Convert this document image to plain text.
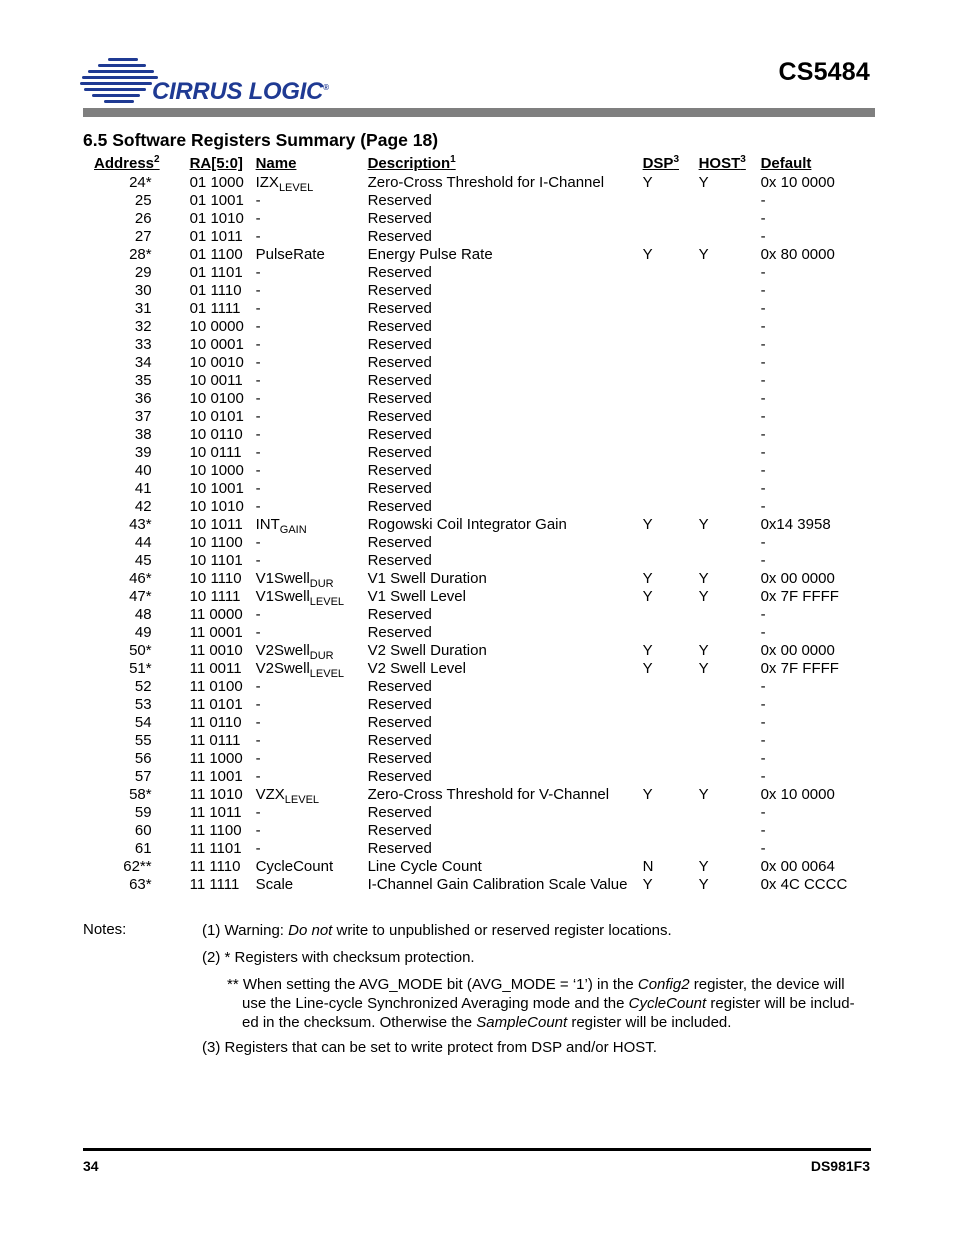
CIRRUS LOGIC®
CS5484
6.5 Software Registers Summary (Page 18)
Address$^2$	RA[5:0]	Name	Description$^1$	DSP$^3$	HOST$^3$	Default
24*	01 1000	$IZX_{LEVEL}$	Zero-Cross Threshold for I-Channel	Y	Y	0x 10 0000
25	01 1001	-	Reserved			-
26	01 1010	-	Reserved			-
27	01 1011	-	Reserved			-
28*	01 1100	PulseRate	Energy Pulse Rate	Y	Y	0x 80 0000
29	01 1101	-	Reserved			-
30	01 1110	-	Reserved			-
31	01 1111	-	Reserved			-
32	10 0000	-	Reserved			-
33	10 0001	-	Reserved			-
34	10 0010	-	Reserved			-
35	10 0011	-	Reserved			-
36	10 0100	-	Reserved			-
37	10 0101	-	Reserved			-
38	10 0110	-	Reserved			-
39	10 0111	-	Reserved			-
40	10 1000	-	Reserved			-
41	10 1001	-	Reserved			-
42	10 1010	-	Reserved			-
43*	10 1011	$INT_{GAIN}$	Rogowski Coil Integrator Gain	Y	Y	0x14 3958
44	10 1100	-	Reserved			-
45	10 1101	-	Reserved			-
46*	10 1110	V1Swell$_{DUR}$	V1 Swell Duration	Y	Y	0x 00 0000
47*	10 1111	V1Swell$_{LEVEL}$	V1 Swell Level	Y	Y	0x 7F FFFF
48	11 0000	-	Reserved			-
49	11 0001	-	Reserved			-
50*	11 0010	V2Swell$_{DUR}$	V2 Swell Duration	Y	Y	0x 00 0000
51*	11 0011	V2Swell$_{LEVEL}$	V2 Swell Level	Y	Y	0x 7F FFFF
52	11 0100	-	Reserved			-
53	11 0101	-	Reserved			-
54	11 0110	-	Reserved			-
55	11 0111	-	Reserved			-
56	11 1000	-	Reserved			-
57	11 1001	-	Reserved			-
58*	11 1010	$VZX_{LEVEL}$	Zero-Cross Threshold for V-Channel	Y	Y	0x 10 0000
59	11 1011	-	Reserved			-
60	11 1100	-	Reserved			-
61	11 1101	-	Reserved			-
62**	11 1110	CycleCount	Line Cycle Count	N	Y	0x 00 0064
63*	11 1111	Scale	I-Channel Gain Calibration Scale Value	Y	Y	0x 4C CCCC
Notes:	(1) Warning: Do not write to unpublished or reserved register locations.
(2) * Registers with checksum protection.
** When setting the AVG_MODE bit (AVG_MODE = ‘1’) in the Config2 register, the device will
use the Line-cycle Synchronized Averaging mode and the CycleCount register will be includ-
ed in the checksum. Otherwise the SampleCount register will be included.
(3) Registers that can be set to write protect from DSP and/or HOST.
34	DS981F3
